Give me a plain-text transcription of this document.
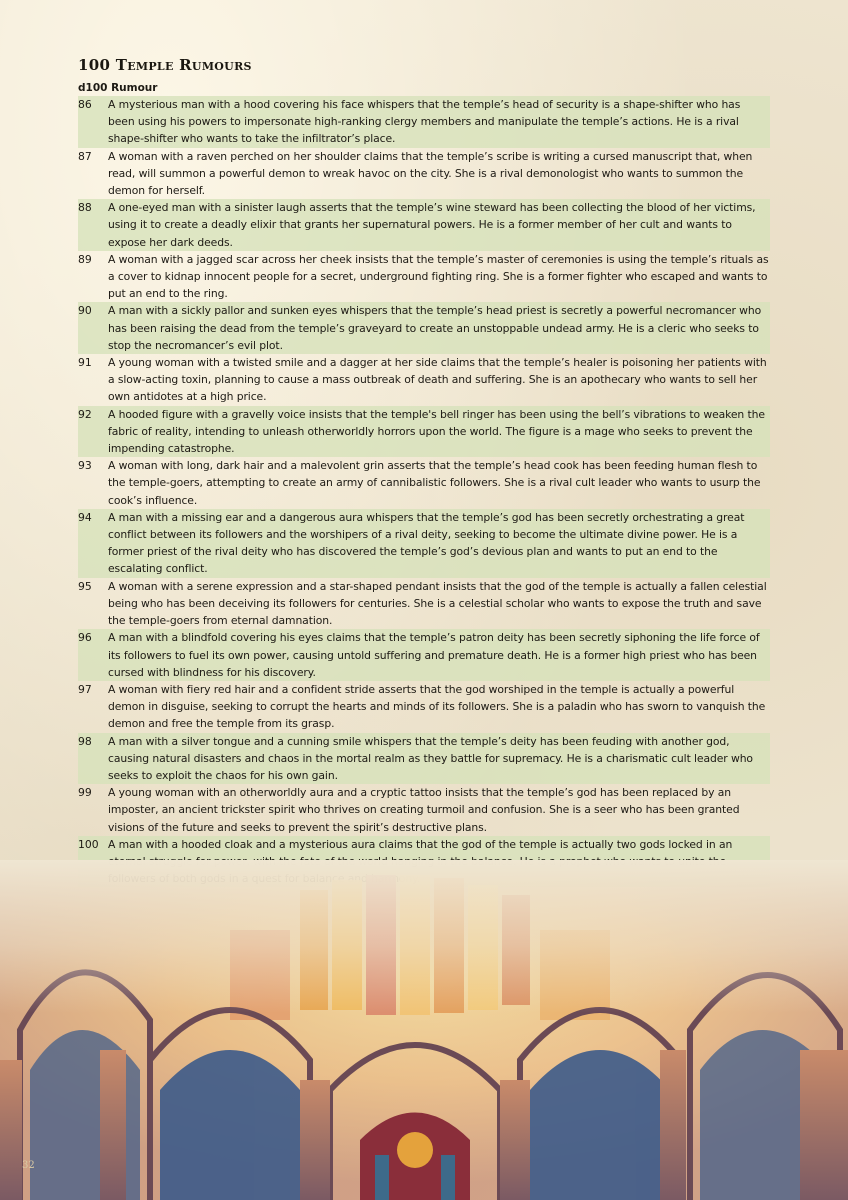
100 Temple Rumours
d100 Rumour
86 A mysterious man with a hood covering his face whispers that the temple’s head of security is a shape-shifter who has been using his powers to impersonate high-ranking clergy members and manipulate the temple’s actions. He is a rival shape-shifter who wants to take the infiltrator’s place.
87 A woman with a raven perched on her shoulder claims that the temple’s scribe is writing a cursed manuscript that, when read, will summon a powerful demon to wreak havoc on the city. She is a rival demonologist who wants to summon the demon for herself.
88 A one-eyed man with a sinister laugh asserts that the temple’s wine steward has been collecting the blood of her victims, using it to create a deadly elixir that grants her supernatural powers. He is a former member of her cult and wants to expose her dark deeds.
89 A woman with a jagged scar across her cheek insists that the temple’s master of ceremonies is using the temple’s rituals as a cover to kidnap innocent people for a secret, underground fighting ring. She is a former fighter who escaped and wants to put an end to the ring.
90 A man with a sickly pallor and sunken eyes whispers that the temple’s head priest is secretly a powerful necromancer who has been raising the dead from the temple’s graveyard to create an unstoppable undead army. He is a cleric who seeks to stop the necromancer’s evil plot.
91 A young woman with a twisted smile and a dagger at her side claims that the temple’s healer is poisoning her patients with a slow-acting toxin, planning to cause a mass outbreak of death and suffering. She is an apothecary who wants to sell her own antidotes at a high price.
92 A hooded figure with a gravelly voice insists that the temple's bell ringer has been using the bell’s vibrations to weaken the fabric of reality, intending to unleash otherworldly horrors upon the world. The figure is a mage who seeks to prevent the impending catastrophe.
93 A woman with long, dark hair and a malevolent grin asserts that the temple’s head cook has been feeding human flesh to the temple-goers, attempting to create an army of cannibalistic followers. She is a rival cult leader who wants to usurp the cook’s influence.
94 A man with a missing ear and a dangerous aura whispers that the temple’s god has been secretly orchestrating a great conflict between its followers and the worshipers of a rival deity, seeking to become the ultimate divine power. He is a former priest of the rival deity who has discovered the temple’s god’s devious plan and wants to put an end to the escalating conflict.
95 A woman with a serene expression and a star-shaped pendant insists that the god of the temple is actually a fallen celestial being who has been deceiving its followers for centuries. She is a celestial scholar who wants to expose the truth and save the temple-goers from eternal damnation.
96 A man with a blindfold covering his eyes claims that the temple’s patron deity has been secretly siphoning the life force of its followers to fuel its own power, causing untold suffering and premature death. He is a former high priest who has been cursed with blindness for his discovery.
97 A woman with fiery red hair and a confident stride asserts that the god worshiped in the temple is actually a powerful demon in disguise, seeking to corrupt the hearts and minds of its followers. She is a paladin who has sworn to vanquish the demon and free the temple from its grasp.
98 A man with a silver tongue and a cunning smile whispers that the temple’s deity has been feuding with another god, causing natural disasters and chaos in the mortal realm as they battle for supremacy. He is a charismatic cult leader who seeks to exploit the chaos for his own gain.
99 A young woman with an otherworldly aura and a cryptic tattoo insists that the temple’s god has been replaced by an imposter, an ancient trickster spirit who thrives on creating turmoil and confusion. She is a seer who has been granted visions of the future and seeks to prevent the spirit’s destructive plans.
100 A man with a hooded cloak and a mysterious aura claims that the god of the temple is actually two gods locked in an
32
